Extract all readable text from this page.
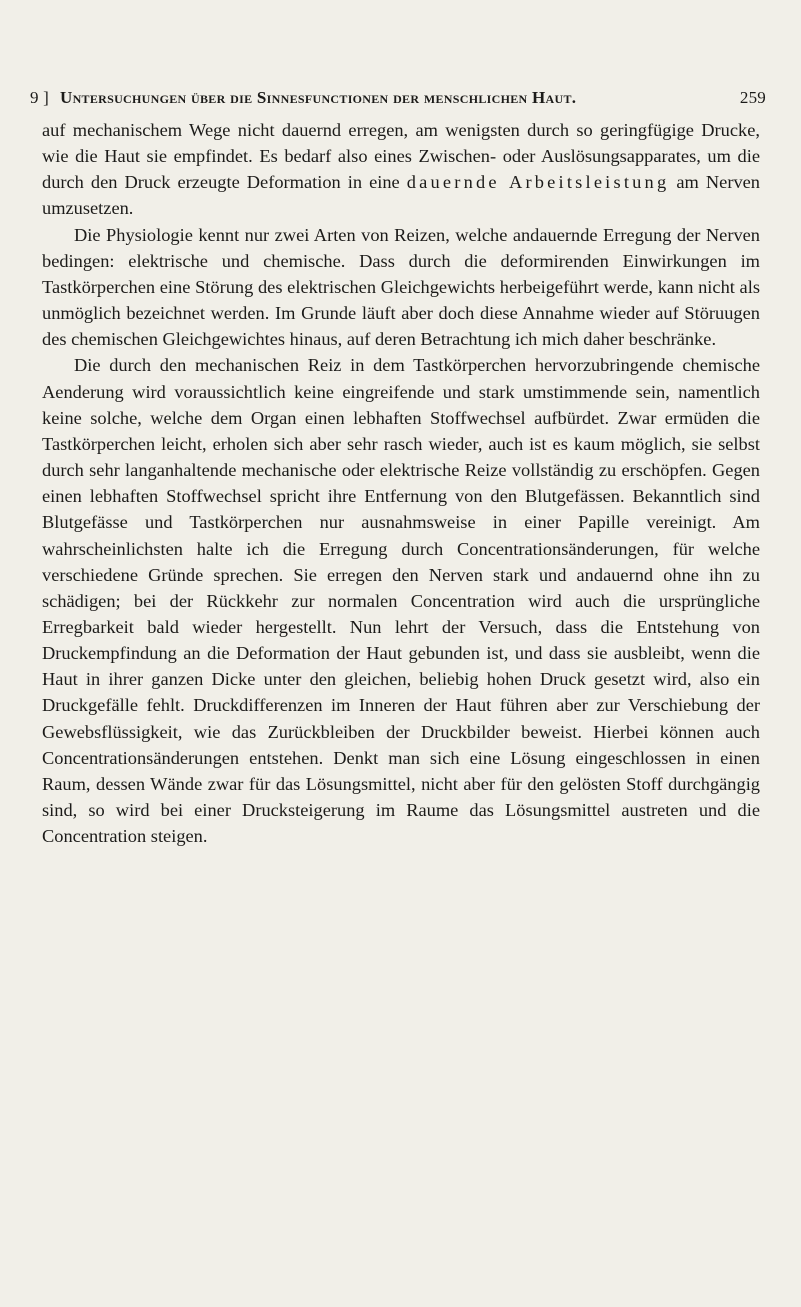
9 ] Untersuchungen über die Sinnesfunctionen der menschlichen Haut.	259

auf mechanischem Wege nicht dauernd erregen, am wenigsten durch so geringfügige Drucke, wie die Haut sie empfindet. Es bedarf also eines Zwischen- oder Auslösungsapparates, um die durch den Druck erzeugte Deformation in eine dauernde Arbeitsleistung am Nerven umzusetzen.

Die Physiologie kennt nur zwei Arten von Reizen, welche andauernde Erregung der Nerven bedingen: elektrische und chemische. Dass durch die deformirenden Einwirkungen im Tastkörperchen eine Störung des elektrischen Gleichgewichts herbeigeführt werde, kann nicht als unmöglich bezeichnet werden. Im Grunde läuft aber doch diese Annahme wieder auf Störuugen des chemischen Gleichgewichtes hinaus, auf deren Betrachtung ich mich daher beschränke.

Die durch den mechanischen Reiz in dem Tastkörperchen hervorzubringende chemische Aenderung wird voraussichtlich keine eingreifende und stark umstimmende sein, namentlich keine solche, welche dem Organ einen lebhaften Stoffwechsel aufbürdet. Zwar ermüden die Tastkörperchen leicht, erholen sich aber sehr rasch wieder, auch ist es kaum möglich, sie selbst durch sehr langanhaltende mechanische oder elektrische Reize vollständig zu erschöpfen. Gegen einen lebhaften Stoffwechsel spricht ihre Entfernung von den Blutgefässen. Bekanntlich sind Blutgefässe und Tastkörperchen nur ausnahmsweise in einer Papille vereinigt. Am wahrscheinlichsten halte ich die Erregung durch Concentrationsänderungen, für welche verschiedene Gründe sprechen. Sie erregen den Nerven stark und andauernd ohne ihn zu schädigen; bei der Rückkehr zur normalen Concentration wird auch die ursprüngliche Erregbarkeit bald wieder hergestellt. Nun lehrt der Versuch, dass die Entstehung von Druckempfindung an die Deformation der Haut gebunden ist, und dass sie ausbleibt, wenn die Haut in ihrer ganzen Dicke unter den gleichen, beliebig hohen Druck gesetzt wird, also ein Druckgefälle fehlt. Druckdifferenzen im Inneren der Haut führen aber zur Verschiebung der Gewebsflüssigkeit, wie das Zurückbleiben der Druckbilder beweist. Hierbei können auch Concentrationsänderungen entstehen. Denkt man sich eine Lösung eingeschlossen in einen Raum, dessen Wände zwar für das Lösungsmittel, nicht aber für den gelösten Stoff durchgängig sind, so wird bei einer Drucksteigerung im Raume das Lösungsmittel austreten und die Concentration steigen.
